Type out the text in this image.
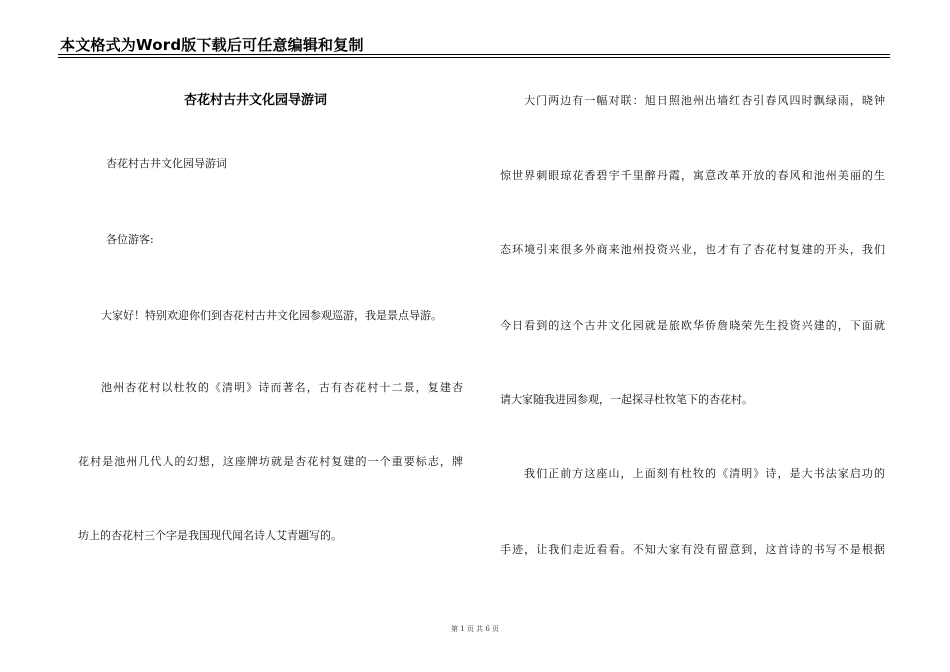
本文格式为Word版下载后可任意编辑和复制
杏花村古井文化园导游词
杏花村古井文化园导游词
各位游客:
大家好！特别欢迎你们到杏花村古井文化园参观巡游，我是景点导游。
池州杏花村以杜牧的《清明》诗而著名，古有杏花村十二景，复建杏
花村是池州几代人的幻想，这座牌坊就是杏花村复建的一个重要标志，牌
坊上的杏花村三个字是我国现代闻名诗人艾青题写的。
大门两边有一幅对联：旭日照池州出墙红杏引春风四时飘绿雨，晓钟
惊世界刺眼琼花香碧宇千里醉丹霞，寓意改革开放的春风和池州美丽的生
态环境引来很多外商来池州投资兴业，也才有了杏花村复建的开头，我们
今日看到的这个古井文化园就是旅欧华侨詹晓荣先生投资兴建的，下面就
请大家随我进园参观，一起探寻杜牧笔下的杏花村。
我们正前方这座山，上面刻有杜牧的《清明》诗，是大书法家启功的
手迹，让我们走近看看。不知大家有没有留意到，这首诗的书写不是根据
第 1 页 共 6 页
